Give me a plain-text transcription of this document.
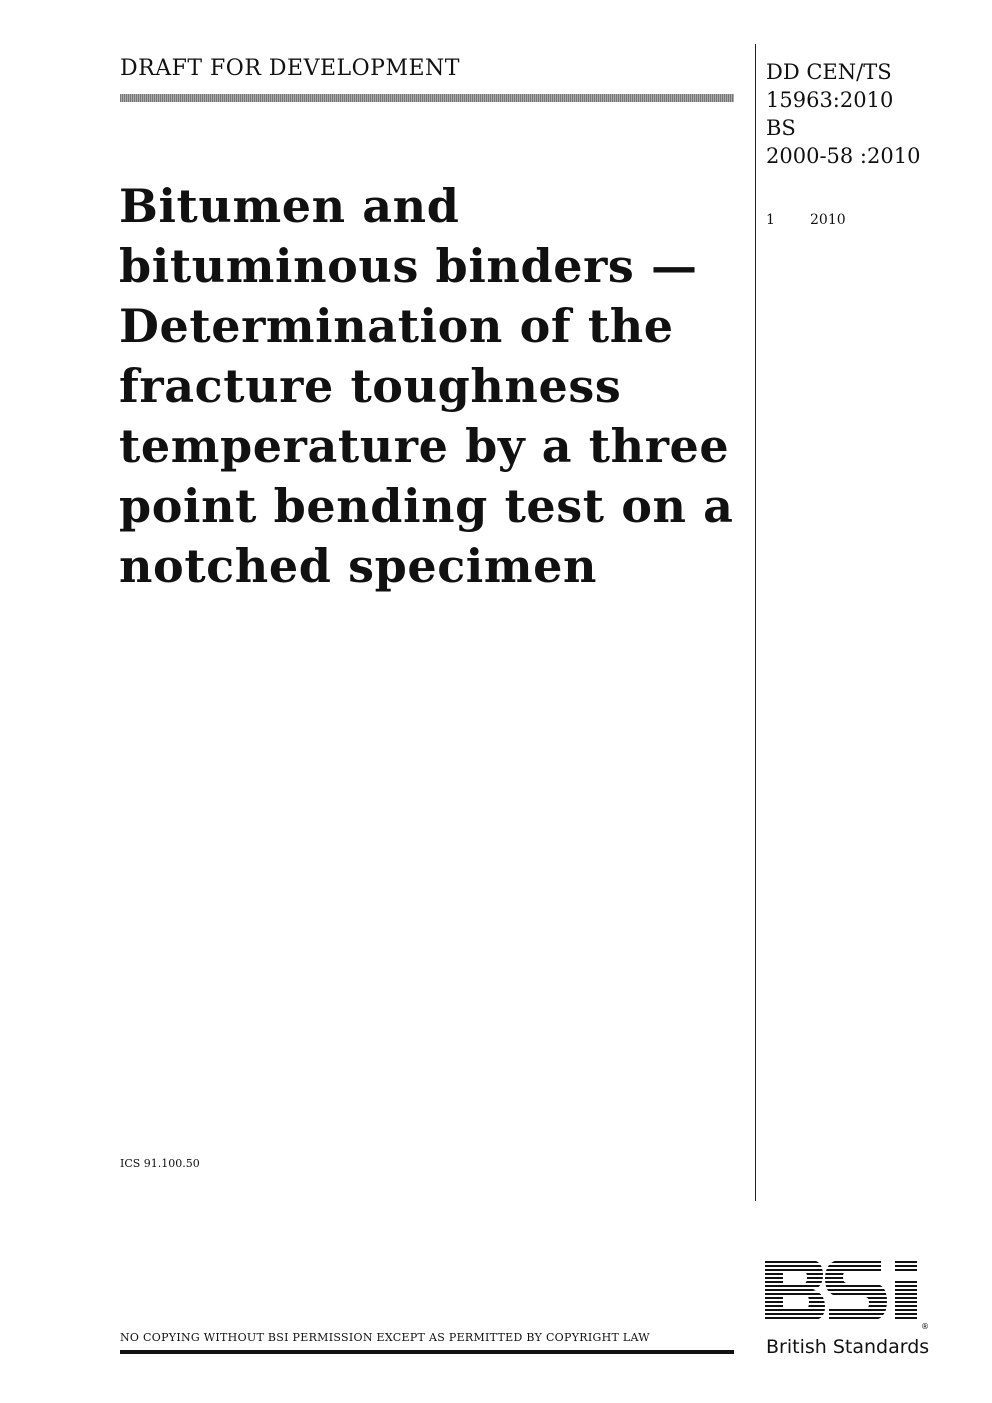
DRAFT FOR DEVELOPMENT
Bitumen and bituminous binders — Determination of the fracture toughness temperature by a three point bending test on a notched specimen
DD CEN/TS
15963:2010
BS
2000-58 :2010
1	2010
ICS 91.100.50
NO COPYING WITHOUT BSI PERMISSION EXCEPT AS PERMITTED BY COPYRIGHT LAW
®
British Standards
